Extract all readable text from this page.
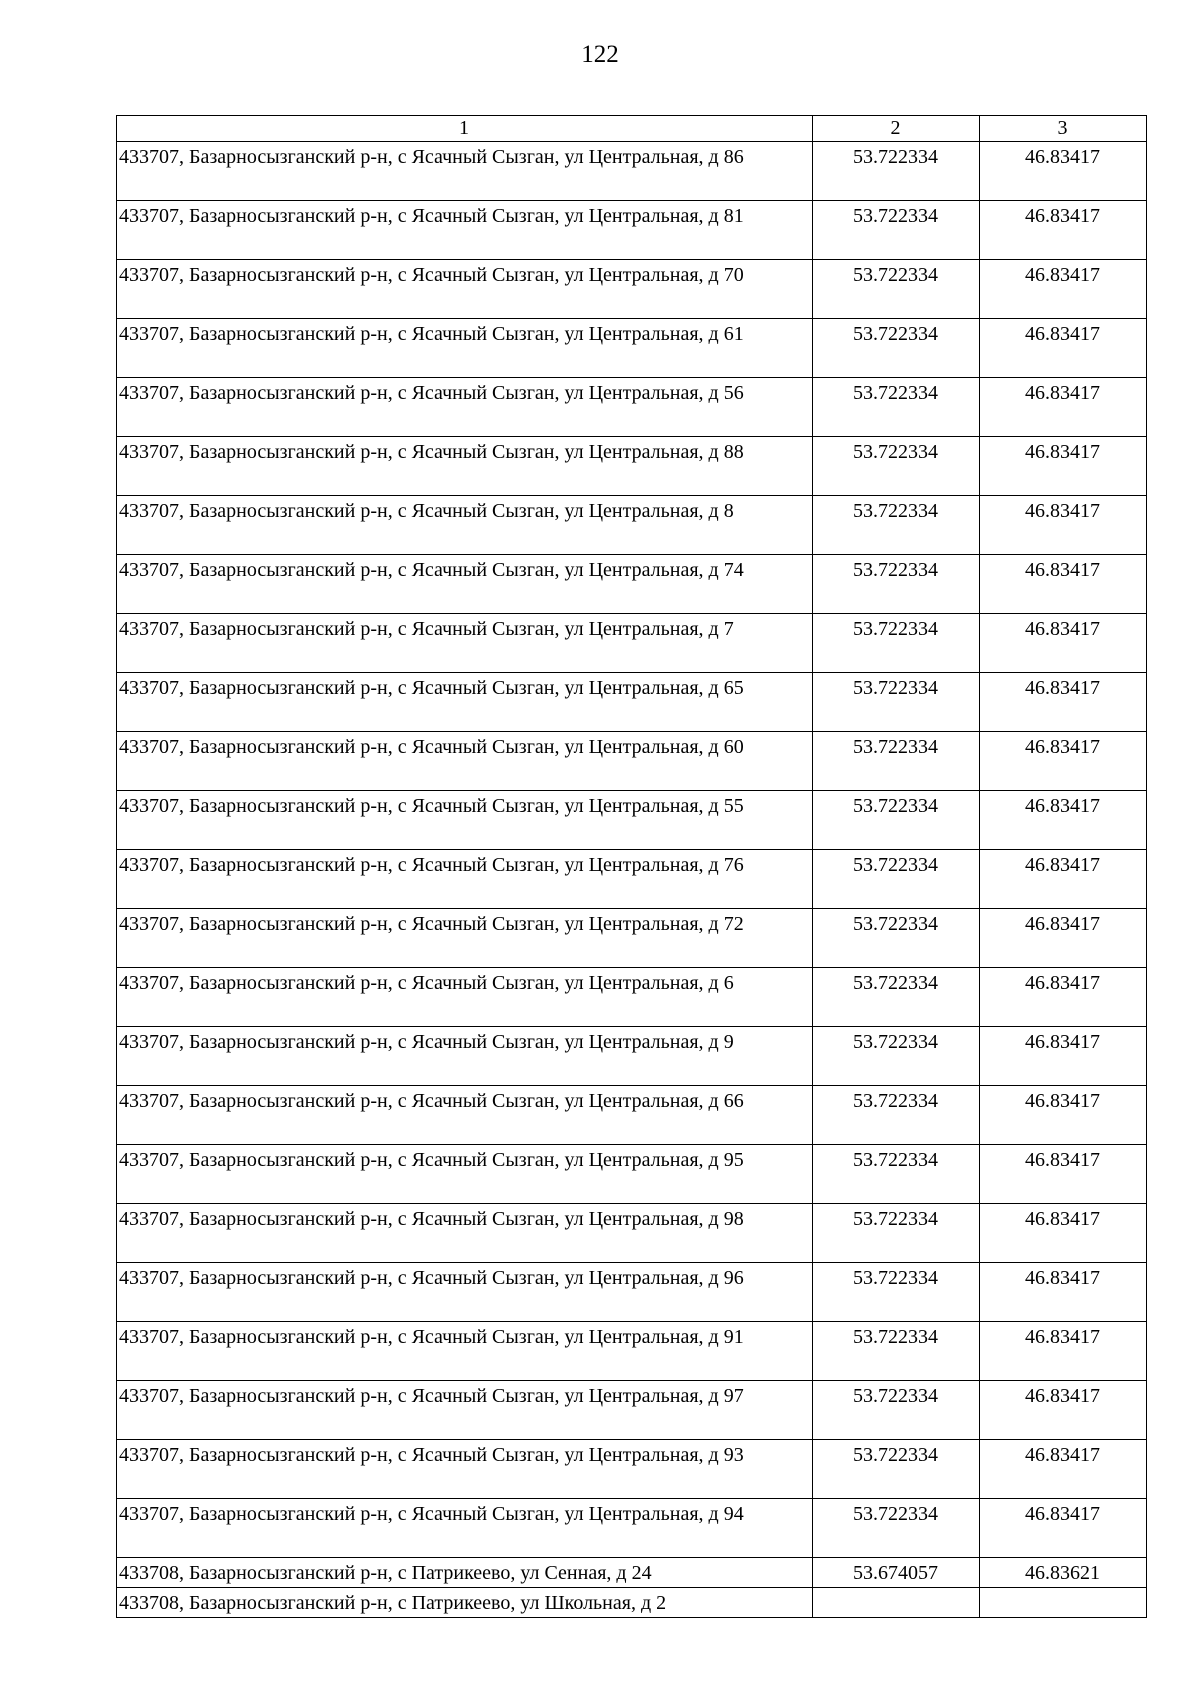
122
1	2	3
433707, Базарносызганский р-н, с Ясачный Сызган, ул Центральная, д 86	53.722334	46.83417
433707, Базарносызганский р-н, с Ясачный Сызган, ул Центральная, д 81	53.722334	46.83417
433707, Базарносызганский р-н, с Ясачный Сызган, ул Центральная, д 70	53.722334	46.83417
433707, Базарносызганский р-н, с Ясачный Сызган, ул Центральная, д 61	53.722334	46.83417
433707, Базарносызганский р-н, с Ясачный Сызган, ул Центральная, д 56	53.722334	46.83417
433707, Базарносызганский р-н, с Ясачный Сызган, ул Центральная, д 88	53.722334	46.83417
433707, Базарносызганский р-н, с Ясачный Сызган, ул Центральная, д 8	53.722334	46.83417
433707, Базарносызганский р-н, с Ясачный Сызган, ул Центральная, д 74	53.722334	46.83417
433707, Базарносызганский р-н, с Ясачный Сызган, ул Центральная, д 7	53.722334	46.83417
433707, Базарносызганский р-н, с Ясачный Сызган, ул Центральная, д 65	53.722334	46.83417
433707, Базарносызганский р-н, с Ясачный Сызган, ул Центральная, д 60	53.722334	46.83417
433707, Базарносызганский р-н, с Ясачный Сызган, ул Центральная, д 55	53.722334	46.83417
433707, Базарносызганский р-н, с Ясачный Сызган, ул Центральная, д 76	53.722334	46.83417
433707, Базарносызганский р-н, с Ясачный Сызган, ул Центральная, д 72	53.722334	46.83417
433707, Базарносызганский р-н, с Ясачный Сызган, ул Центральная, д 6	53.722334	46.83417
433707, Базарносызганский р-н, с Ясачный Сызган, ул Центральная, д 9	53.722334	46.83417
433707, Базарносызганский р-н, с Ясачный Сызган, ул Центральная, д 66	53.722334	46.83417
433707, Базарносызганский р-н, с Ясачный Сызган, ул Центральная, д 95	53.722334	46.83417
433707, Базарносызганский р-н, с Ясачный Сызган, ул Центральная, д 98	53.722334	46.83417
433707, Базарносызганский р-н, с Ясачный Сызган, ул Центральная, д 96	53.722334	46.83417
433707, Базарносызганский р-н, с Ясачный Сызган, ул Центральная, д 91	53.722334	46.83417
433707, Базарносызганский р-н, с Ясачный Сызган, ул Центральная, д 97	53.722334	46.83417
433707, Базарносызганский р-н, с Ясачный Сызган, ул Центральная, д 93	53.722334	46.83417
433707, Базарносызганский р-н, с Ясачный Сызган, ул Центральная, д 94	53.722334	46.83417
433708, Базарносызганский р-н, с Патрикеево, ул Сенная, д 24	53.674057	46.83621
433708, Базарносызганский р-н, с Патрикеево, ул Школьная, д 2		
